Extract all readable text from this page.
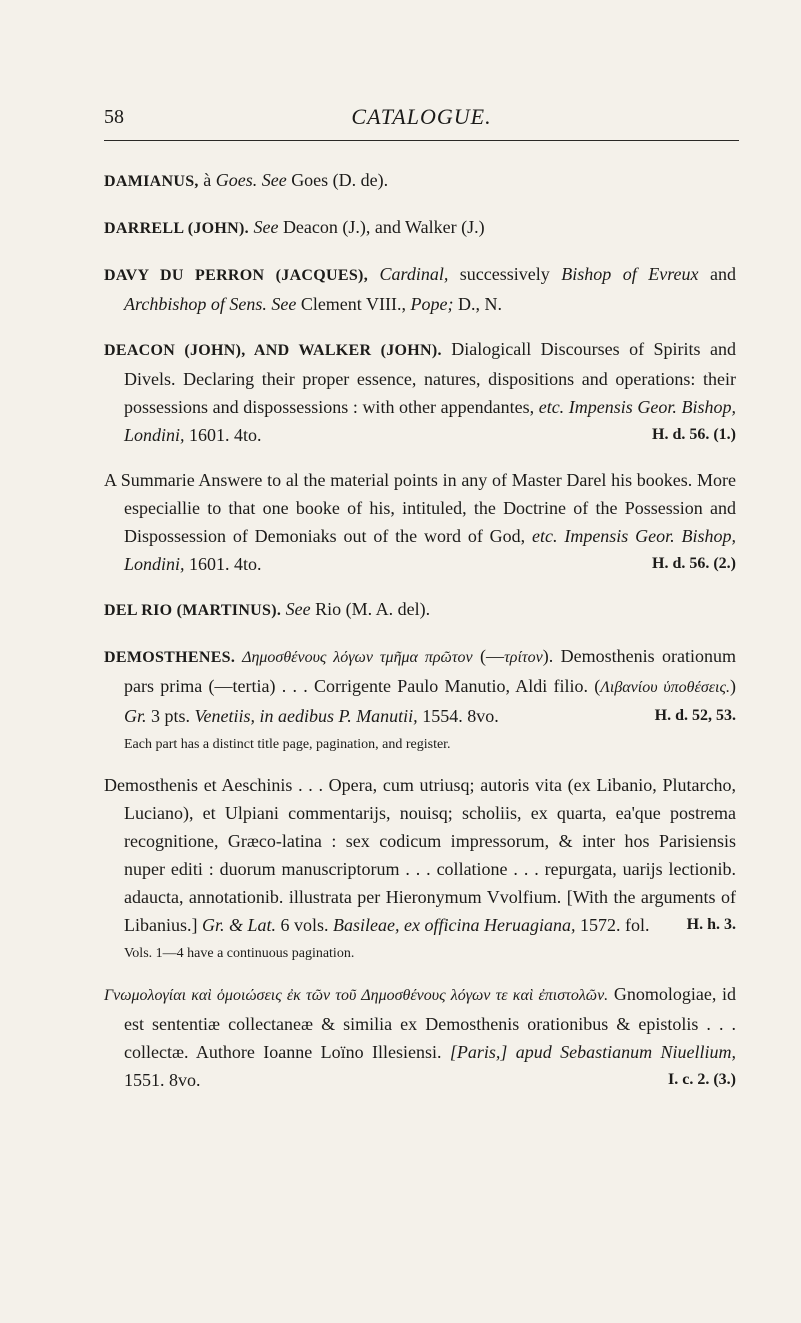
58	CATALOGUE.

DAMIANUS, à Goes. See Goes (D. de).

DARRELL (JOHN). See Deacon (J.), and Walker (J.)

DAVY DU PERRON (JACQUES), Cardinal, successively Bishop of Evreux and Archbishop of Sens. See Clement VIII., Pope; D., N.

DEACON (JOHN), AND WALKER (JOHN). Dialogicall Discourses of Spirits and Divels. Declaring their proper essence, natures, dispositions and operations: their possessions and dispossessions : with other appendantes, etc. Impensis Geor. Bishop, Londini, 1601. 4to.	H. d. 56. (1.)

A Summarie Answere to al the material points in any of Master Darel his bookes. More especiallie to that one booke of his, intituled, the Doctrine of the Possession and Dispossession of Demoniaks out of the word of God, etc. Impensis Geor. Bishop, Londini, 1601. 4to.	H. d. 56. (2.)

DEL RIO (MARTINUS). See Rio (M. A. del).

DEMOSTHENES. Δημοσθένους λόγων τμῆμα πρῶτον (—τρίτον). Demosthenis orationum pars prima (—tertia) . . . Corrigente Paulo Manutio, Aldi filio. (Λιβανίου ὑποθέσεις.) Gr. 3 pts. Venetiis, in aedibus P. Manutii, 1554. 8vo.	H. d. 52, 53.

Each part has a distinct title page, pagination, and register.

Demosthenis et Aeschinis . . . Opera, cum utriusq; autoris vita (ex Libanio, Plutarcho, Luciano), et Ulpiani commentarijs, nouisq; scholiis, ex quarta, ea'que postrema recognitione, Græco-latina : sex codicum impressorum, & inter hos Parisiensis nuper editi : duorum manuscriptorum . . . collatione . . . repurgata, uarijs lectionib. adaucta, annotationib. illustrata per Hieronymum Vvolfium. [With the arguments of Libanius.] Gr. & Lat. 6 vols. Basileae, ex officina Heruagiana, 1572. fol. H. h. 3.

Vols. 1—4 have a continuous pagination.

Γνωμολογίαι καὶ ὁμοιώσεις ἐκ τῶν τοῦ Δημοσθένους λόγων τε καὶ ἐπιστολῶν. Gnomologiae, id est sententiæ collectaneæ & similia ex Demosthenis orationibus & epistolis . . . collectæ. Authore Ioanne Loïno Illesiensi. [Paris,] apud Sebastianum Niuellium, 1551. 8vo.	I. c. 2. (3.)
